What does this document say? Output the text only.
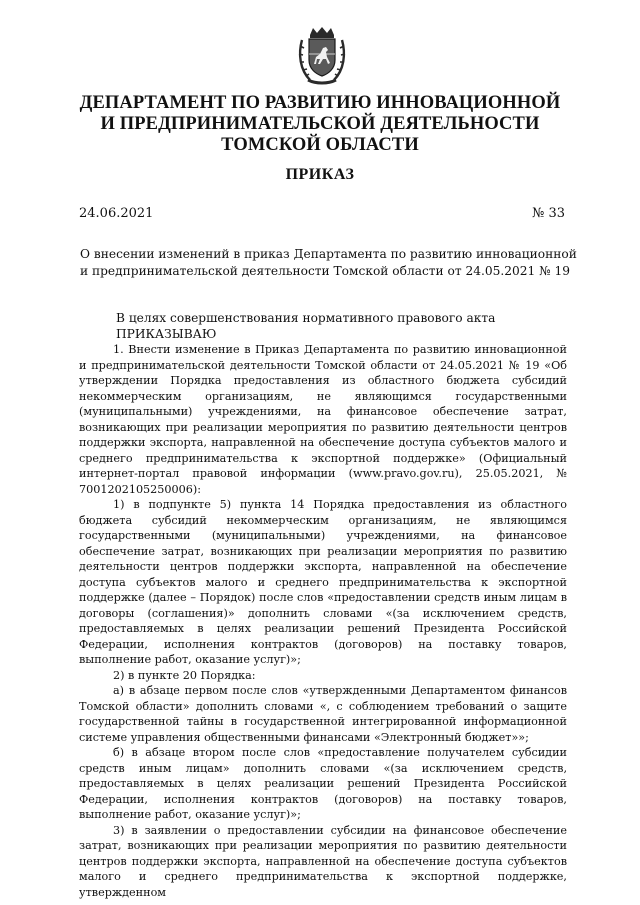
ДЕПАРТАМЕНТ ПО РАЗВИТИЮ ИННОВАЦИОННОЙ
И ПРЕДПРИНИМАТЕЛЬСКОЙ ДЕЯТЕЛЬНОСТИ
ТОМСКОЙ ОБЛАСТИ
ПРИКАЗ
24.06.2021	№ 33
О внесении изменений в приказ Департамента по развитию инновационной
и предпринимательской деятельности Томской области от 24.05.2021 № 19

В целях совершенствования нормативного правового акта

ПРИКАЗЫВАЮ

1. Внести изменение в Приказ Департамента по развитию инновационной и предпринимательской деятельности Томской области от 24.05.2021 № 19 «Об утверждении Порядка предоставления из областного бюджета субсидий некоммерческим организациям, не являющимся государственными (муниципальными) учреждениями, на финансовое обеспечение затрат, возникающих при реализации мероприятия по развитию деятельности центров поддержки экспорта, направленной на обеспечение доступа субъектов малого и среднего предпринимательства к экспортной поддержке» (Официальный интернет-портал правовой информации (www.pravo.gov.ru), 25.05.2021, № 7001202105250006):

1) в подпункте 5) пункта 14 Порядка предоставления из областного бюджета субсидий некоммерческим организациям, не являющимся государственными (муниципальными) учреждениями, на финансовое обеспечение затрат, возникающих при реализации мероприятия по развитию деятельности центров поддержки экспорта, направленной на обеспечение доступа субъектов малого и среднего предпринимательства к экспортной поддержке (далее – Порядок) после слов «предоставлении средств иным лицам в договоры (соглашения)» дополнить словами «(за исключением средств, предоставляемых в целях реализации решений Президента Российской Федерации, исполнения контрактов (договоров) на поставку товаров, выполнение работ, оказание услуг)»;

2) в пункте 20 Порядка:

а) в абзаце первом после слов «утвержденными Департаментом финансов Томской области» дополнить словами «, с соблюдением требований о защите государственной тайны в государственной интегрированной информационной системе управления общественными финансами «Электронный бюджет»»;

б) в абзаце втором после слов «предоставление получателем субсидии средств иным лицам» дополнить словами «(за исключением средств, предоставляемых в целях реализации решений Президента Российской Федерации, исполнения контрактов (договоров) на поставку товаров, выполнение работ, оказание услуг)»;

3) в заявлении о предоставлении субсидии на финансовое обеспечение затрат, возникающих при реализации мероприятия по развитию деятельности центров поддержки экспорта, направленной на обеспечение доступа субъектов малого и среднего предпринимательства к экспортной поддержке, утвержденном
